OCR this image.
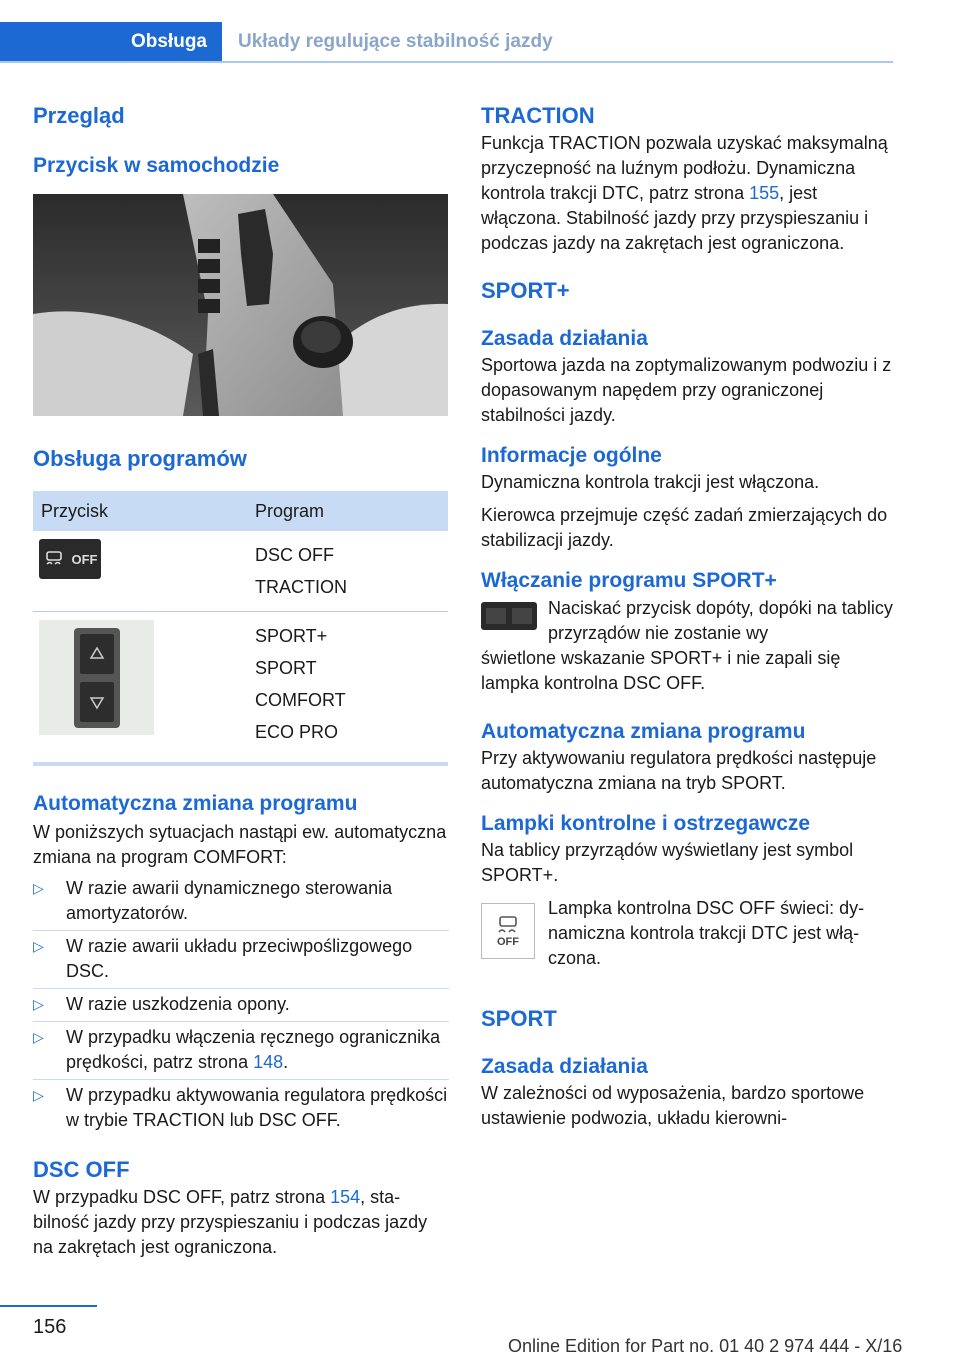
Obsługa	Układy regulujące stabilność jazdy
Przegląd
Przycisk w samochodzie
Obsługa programów
Przycisk	Program

OFF	DSC OFF
TRACTION

SPORT+
SPORT
COMFORT
ECO PRO
Automatyczna zmiana programu

W poniższych sytuacjach nastąpi ew. automatyczna zmiana na program COMFORT:

▷ W razie awarii dynamicznego sterowania amortyzatorów.
▷ W razie awarii układu przeciwpoślizgowego DSC.
▷ W razie uszkodzenia opony.
▷ W przypadku włączenia ręcznego ogranicznika prędkości, patrz strona 148.
▷ W przypadku aktywowania regulatora prędkości w trybie TRACTION lub DSC OFF.
DSC OFF

W przypadku DSC OFF, patrz strona 154, stabilność jazdy przy przyspieszaniu i podczas jazdy na zakrętach jest ograniczona.

TRACTION

Funkcja TRACTION pozwala uzyskać maksymalną przyczepność na luźnym podłożu. Dynamiczna kontrola trakcji DTC, patrz strona 155, jest włączona. Stabilność jazdy przy przyspieszaniu i podczas jazdy na zakrętach jest ograniczona.

SPORT+
Zasada działania

Sportowa jazda na zoptymalizowanym podwoziu i z dopasowanym napędem przy ograniczonej stabilności jazdy.

Informacje ogólne

Dynamiczna kontrola trakcji jest włączona.

Kierowca przejmuje część zadań zmierzających do stabilizacji jazdy.

Włączanie programu SPORT+

Naciskać przycisk dopóty, dopóki na tablicy przyrządów nie zostanie wy

świetlone wskazanie SPORT+ i nie zapali się lampka kontrolna DSC OFF.

Automatyczna zmiana programu

Przy aktywowaniu regulatora prędkości następuje automatyczna zmiana na tryb SPORT.

Lampki kontrolne i ostrzegawcze

Na tablicy przyrządów wyświetlany jest symbol SPORT+.

OFF

Lampka kontrolna DSC OFF świeci: dynamiczna kontrola trakcji DTC jest włączona.

SPORT
Zasada działania

W zależności od wyposażenia, bardzo sportowe ustawienie podwozia, układu kierowni-

156
Online Edition for Part no. 01 40 2 974 444 - X/16
